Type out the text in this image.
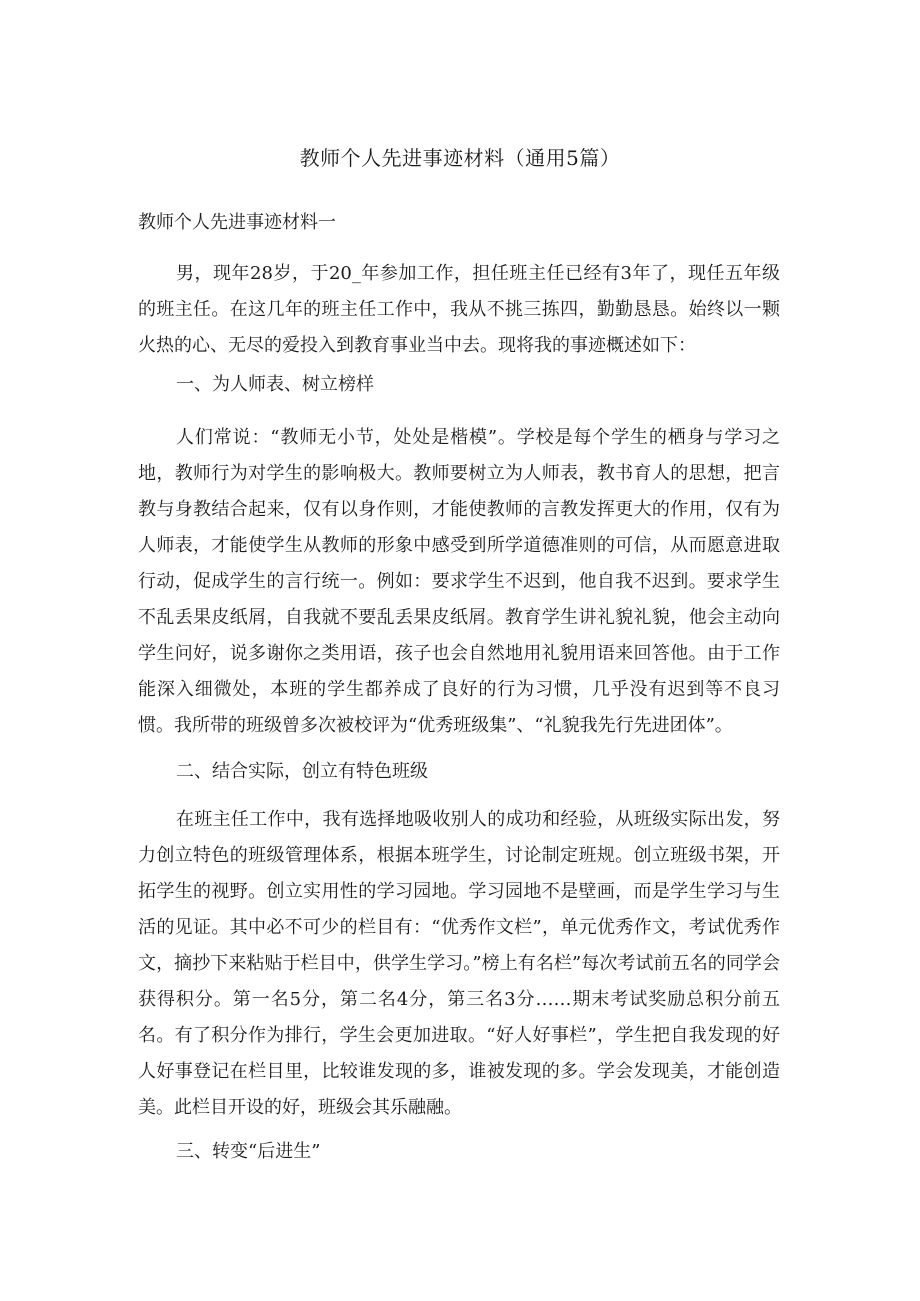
教师个人先进事迹材料（通用5篇）
教师个人先进事迹材料一

男，现年28岁，于20_年参加工作，担任班主任已经有3年了，现任五年级的班主任。在这几年的班主任工作中，我从不挑三拣四，勤勤恳恳。始终以一颗火热的心、无尽的爱投入到教育事业当中去。现将我的事迹概述如下：

一、为人师表、树立榜样

人们常说：“教师无小节，处处是楷模”。学校是每个学生的栖身与学习之地，教师行为对学生的影响极大。教师要树立为人师表，教书育人的思想，把言教与身教结合起来，仅有以身作则，才能使教师的言教发挥更大的作用，仅有为人师表，才能使学生从教师的形象中感受到所学道德准则的可信，从而愿意进取行动，促成学生的言行统一。例如：要求学生不迟到，他自我不迟到。要求学生不乱丢果皮纸屑，自我就不要乱丢果皮纸屑。教育学生讲礼貌礼貌，他会主动向学生问好，说多谢你之类用语，孩子也会自然地用礼貌用语来回答他。由于工作能深入细微处，本班的学生都养成了良好的行为习惯，几乎没有迟到等不良习惯。我所带的班级曾多次被校评为“优秀班级集”、“礼貌我先行先进团体”。

二、结合实际，创立有特色班级

在班主任工作中，我有选择地吸收别人的成功和经验，从班级实际出发，努力创立特色的班级管理体系，根据本班学生，讨论制定班规。创立班级书架，开拓学生的视野。创立实用性的学习园地。学习园地不是壁画，而是学生学习与生活的见证。其中必不可少的栏目有：“优秀作文栏”，单元优秀作文，考试优秀作文，摘抄下来粘贴于栏目中，供学生学习。”榜上有名栏”每次考试前五名的同学会获得积分。第一名5分，第二名4分，第三名3分……期末考试奖励总积分前五名。有了积分作为排行，学生会更加进取。“好人好事栏”，学生把自我发现的好人好事登记在栏目里，比较谁发现的多，谁被发现的多。学会发现美，才能创造美。此栏目开设的好，班级会其乐融融。

三、转变“后进生”
